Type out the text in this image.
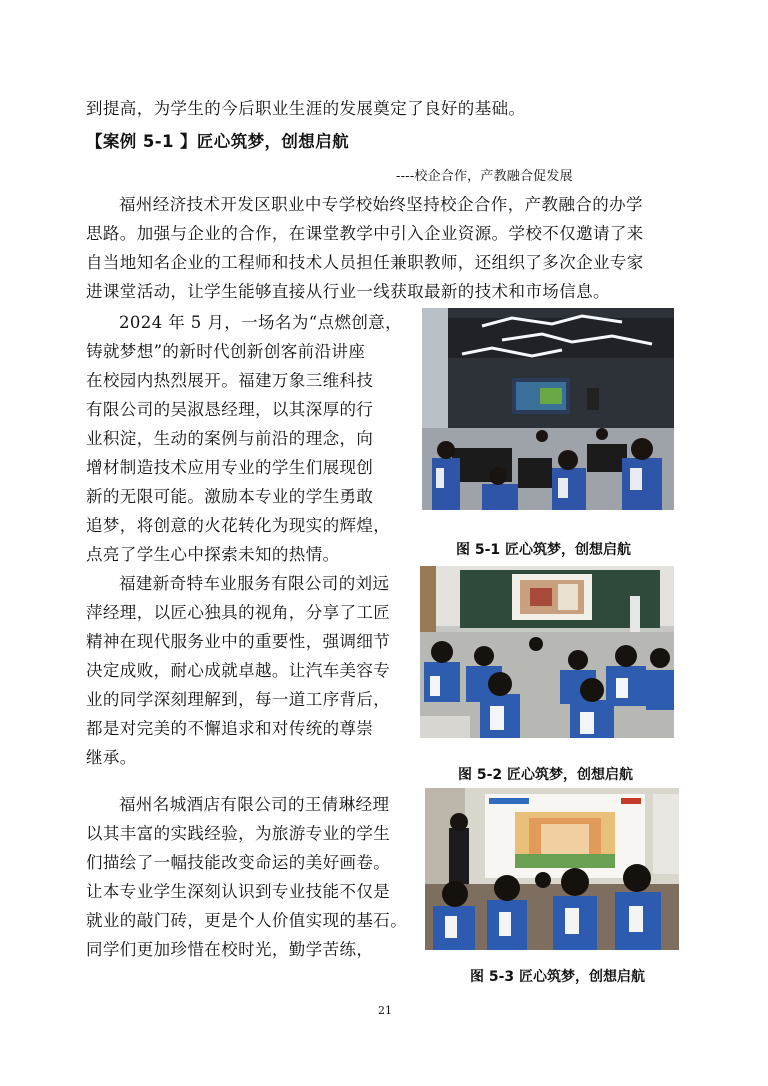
到提高，为学生的今后职业生涯的发展奠定了良好的基础。
【案例 5-1 】匠心筑梦，创想启航
----校企合作，产教融合促发展
福州经济技术开发区职业中专学校始终坚持校企合作，产教融合的办学
思路。加强与企业的合作，在课堂教学中引入企业资源。学校不仅邀请了来
自当地知名企业的工程师和技术人员担任兼职教师，还组织了多次企业专家
进课堂活动，让学生能够直接从行业一线获取最新的技术和市场信息。
2024 年 5 月，一场名为“点燃创意，
铸就梦想”的新时代创新创客前沿讲座
在校园内热烈展开。福建万象三维科技
有限公司的吴淑恳经理，以其深厚的行
业积淀，生动的案例与前沿的理念，向
增材制造技术应用专业的学生们展现创
新的无限可能。激励本专业的学生勇敢
追梦，将创意的火花转化为现实的辉煌，
点亮了学生心中探索未知的热情。
福建新奇特车业服务有限公司的刘远
萍经理，以匠心独具的视角，分享了工匠
精神在现代服务业中的重要性，强调细节
决定成败，耐心成就卓越。让汽车美容专
业的同学深刻理解到，每一道工序背后，
都是对完美的不懈追求和对传统的尊崇
继承。
福州名城酒店有限公司的王倩琳经理
以其丰富的实践经验，为旅游专业的学生
们描绘了一幅技能改变命运的美好画卷。
让本专业学生深刻认识到专业技能不仅是
就业的敲门砖，更是个人价值实现的基石。
同学们更加珍惜在校时光，勤学苦练，
图 5-1 匠心筑梦，创想启航
图 5-2 匠心筑梦，创想启航
图 5-3 匠心筑梦，创想启航
21
